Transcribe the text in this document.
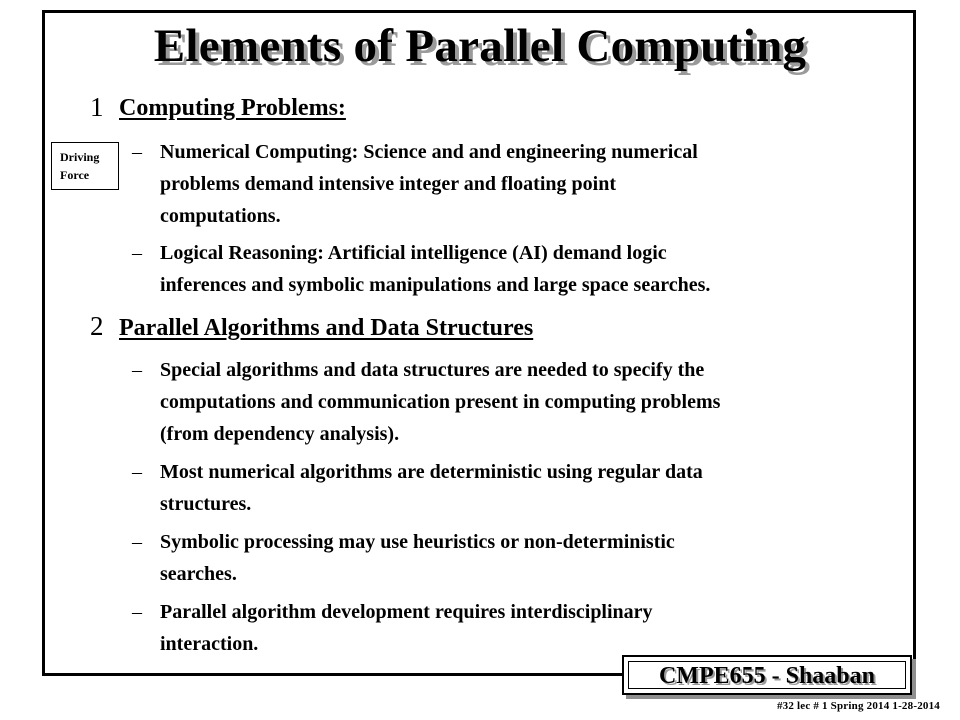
Elements of Parallel Computing
Driving
Force
1 Computing Problems:
– Numerical Computing: Science and and engineering numerical
problems demand intensive integer and floating point
computations.
– Logical Reasoning: Artificial intelligence (AI) demand logic
inferences and symbolic manipulations and large space searches.
2 Parallel Algorithms and Data Structures
– Special algorithms and data structures are needed to specify the
computations and communication present in computing problems
(from dependency analysis).
– Most numerical algorithms are deterministic using regular data
structures.
– Symbolic processing may use heuristics or non-deterministic
searches.
– Parallel algorithm development requires interdisciplinary
interaction.
CMPE655 - Shaaban
#32 lec # 1 Spring 2014 1-28-2014
